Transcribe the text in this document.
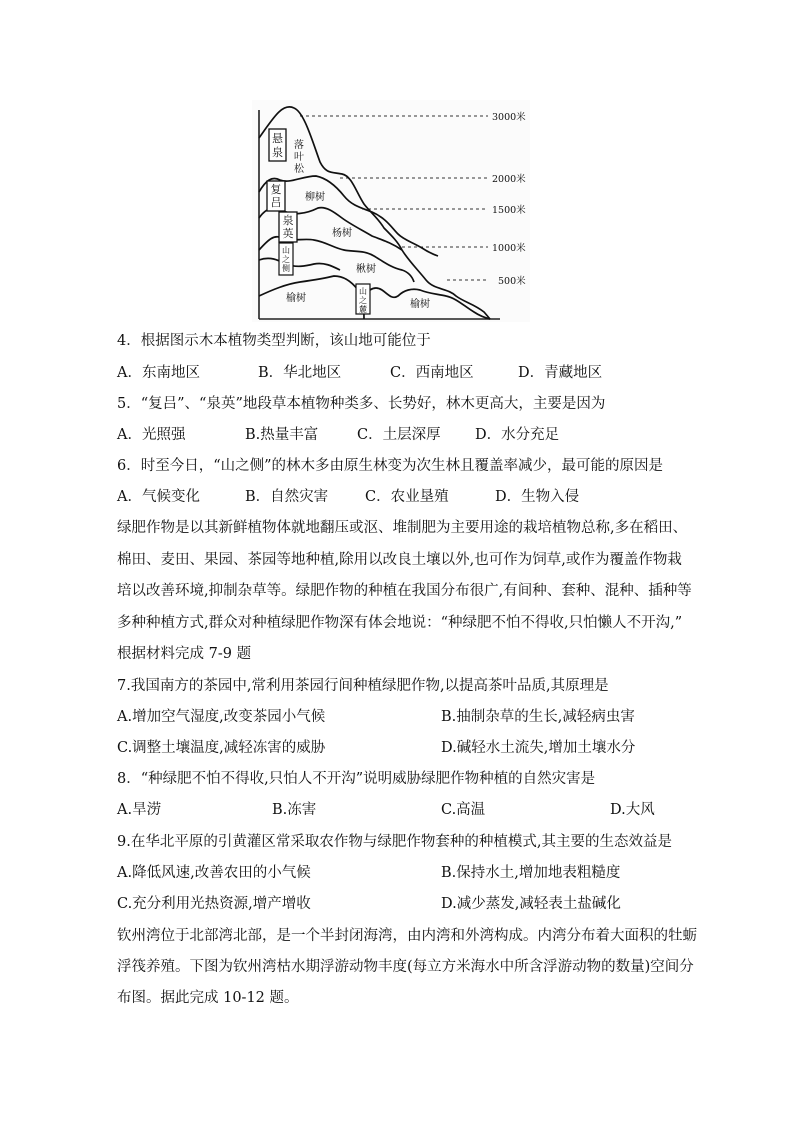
悬
泉
复
吕
泉
英
山
之
侧
山
之
麓
落
叶
松
柳树
杨树
楸树
榆树
榆树
3000米
2000米
1500米
1000米
500米
4．根据图示木本植物类型判断，该山地可能位于
A．东南地区	B．华北地区	C．西南地区	D．青藏地区
5．“复吕”、“泉英”地段草本植物种类多、长势好，林木更高大，主要是因为
A．光照强	B.热量丰富	C．土层深厚 D．水分充足
6．时至今日，“山之侧”的林木多由原生林变为次生林且覆盖率减少，最可能的原因是
A．气候变化	B．自然灾害	C．农业垦殖	D．生物入侵
绿肥作物是以其新鲜植物体就地翻压或沤、堆制肥为主要用途的栽培植物总称,多在稻田、
棉田、麦田、果园、茶园等地种植,除用以改良土壤以外,也可作为饲草,或作为覆盖作物栽
培以改善环境,抑制杂草等。绿肥作物的种植在我国分布很广,有间种、套种、混种、插种等
多种种植方式,群众对种植绿肥作物深有体会地说：“种绿肥不怕不得收,只怕懒人不开沟,”
根据材料完成 7-9 题
7.我国南方的茶园中,常利用茶园行间种植绿肥作物,以提高茶叶品质,其原理是
A.增加空气湿度,改变茶园小气候	B.抽制杂草的生长,减轻病虫害
C.调整土壤温度,减轻冻害的威胁	D.碱轻水土流失,增加土壤水分
8．“种绿肥不怕不得收,只怕人不开沟”说明威胁绿肥作物种植的自然灾害是
A.旱涝	B.冻害	C.高温	D.大风
9.在华北平原的引黄灌区常采取农作物与绿肥作物套种的种植模式,其主要的生态效益是
A.降低风速,改善农田的小气候	B.保持水土,增加地表粗糙度
C.充分利用光热资源,增产增收	D.减少蒸发,减轻表土盐碱化
钦州湾位于北部湾北部，是一个半封闭海湾，由内湾和外湾构成。内湾分布着大面积的牡蛎
浮筏养殖。下图为钦州湾枯水期浮游动物丰度(每立方米海水中所含浮游动物的数量)空间分
布图。据此完成 10-12 题。
